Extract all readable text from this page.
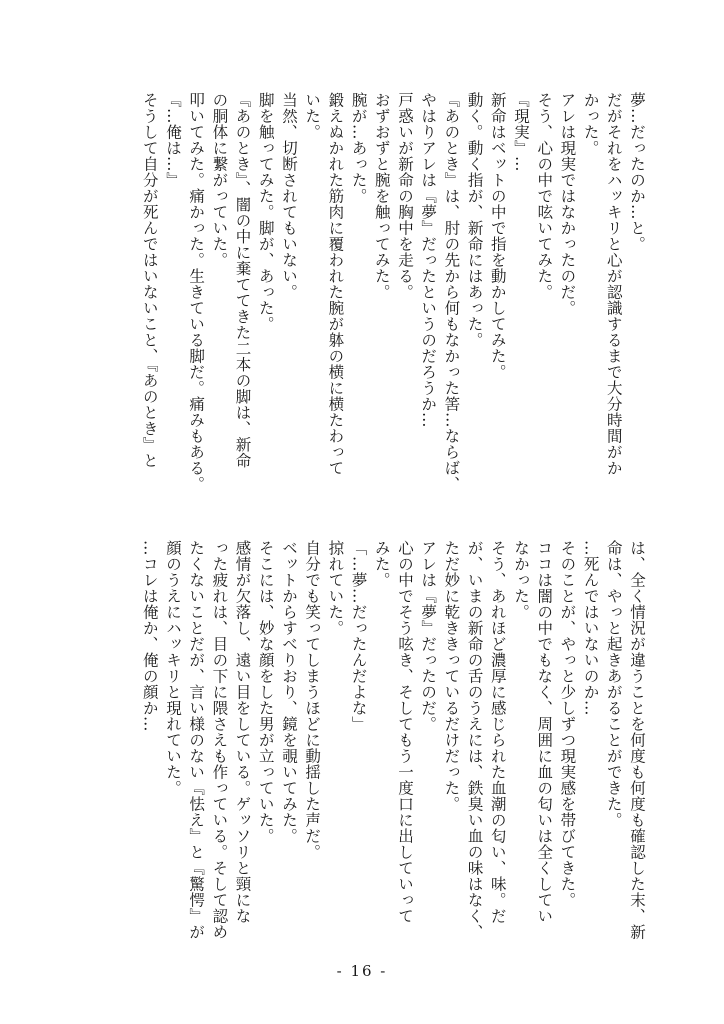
夢…だったのか…と。
だがそれをハッキリと心が認識するまで大分時間がか
かった。
アレは現実ではなかったのだ。
そう、心の中で呟いてみた。
『現実』…
新命はベットの中で指を動かしてみた。
動く。動く指が、新命にはあった。
『あのとき』は、肘の先から何もなかった筈…ならば、
やはりアレは『夢』だったというのだろうか…
戸惑いが新命の胸中を走る。
おずおずと腕を触ってみた。
腕が…あった。
鍛えぬかれた筋肉に覆われた腕が躰の横に横たわって
いた。
当然、切断されてもいない。
脚を触ってみた。脚が、あった。
『あのとき』、闇の中に棄ててきた二本の脚は、新命
の胴体に繋がっていた。
叩いてみた。痛かった。生きている脚だ。痛みもある。
『…俺は…』
そうして自分が死んではいないこと、『あのとき』と
は、全く情況が違うことを何度も何度も確認した末、新
命は、やっと起きあがることができた。
…死んではいないのか…
そのことが、やっと少しずつ現実感を帯びてきた。
ココは闇の中でもなく、周囲に血の匂いは全くしてい
なかった。
そう、あれほど濃厚に感じられた血潮の匂い、味。だ
が、いまの新命の舌のうえには、鉄臭い血の味はなく、
ただ妙に乾ききっているだけだった。
アレは『夢』だったのだ。
心の中でそう呟き、そしてもう一度口に出していって
みた。
「…夢…だったんだよな」
掠れていた。
自分でも笑ってしまうほどに動揺した声だ。
ベットからすべりおり、鏡を覗いてみた。
そこには、妙な顔をした男が立っていた。
感情が欠落し、遠い目をしている。ゲッソリと頸にな
った疲れは、目の下に隈さえも作っている。そして認め
たくないことだが、言い様のない『怯え』と『驚愕』が
顔のうえにハッキリと現れていた。
…コレは俺か、俺の顔か…
- 16 -
